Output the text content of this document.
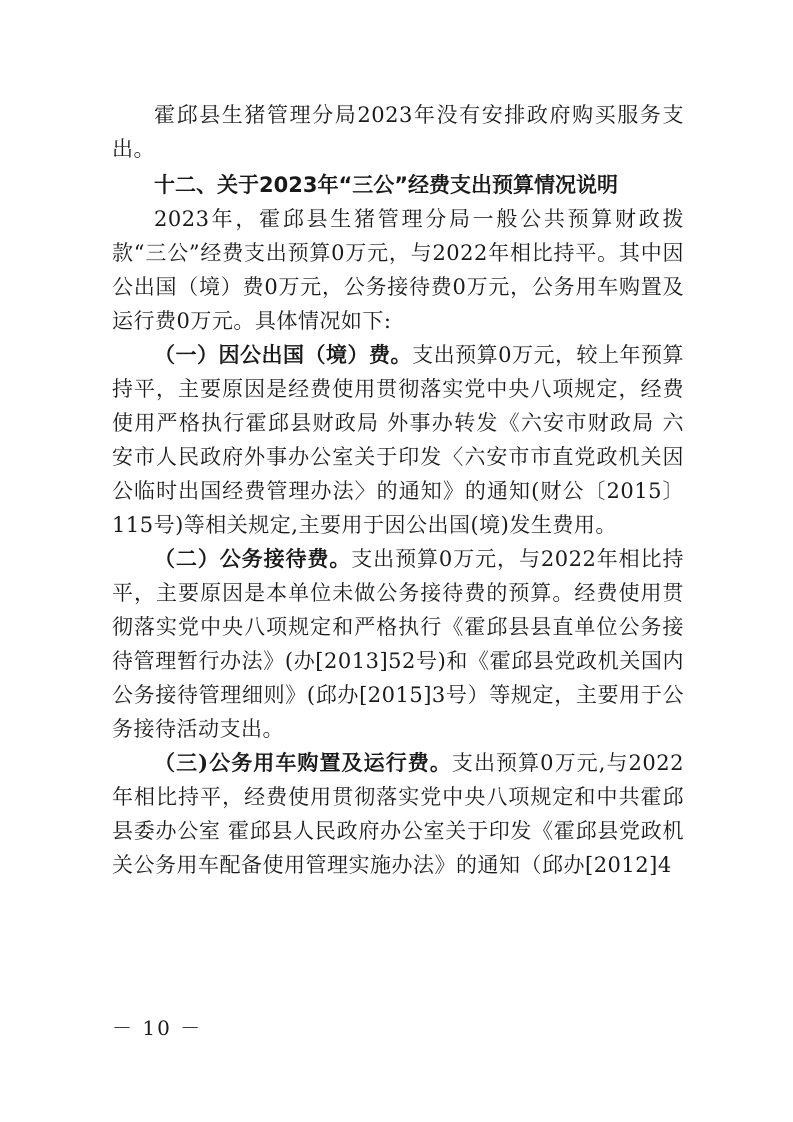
霍邱县生猪管理分局2023年没有安排政府购买服务支出。

十二、关于2023年“三公”经费支出预算情况说明

2023年，霍邱县生猪管理分局一般公共预算财政拨款“三公”经费支出预算0万元，与2022年相比持平。其中因公出国（境）费0万元，公务接待费0万元，公务用车购置及运行费0万元。具体情况如下:

（一）因公出国（境）费。支出预算0万元，较上年预算持平，主要原因是经费使用贯彻落实党中央八项规定，经费使用严格执行霍邱县财政局 外事办转发《六安市财政局 六安市人民政府外事办公室关于印发〈六安市市直党政机关因公临时出国经费管理办法〉的通知》的通知(财公〔2015〕115号)等相关规定,主要用于因公出国(境)发生费用。

（二）公务接待费。支出预算0万元，与2022年相比持平，主要原因是本单位未做公务接待费的预算。经费使用贯彻落实党中央八项规定和严格执行《霍邱县县直单位公务接待管理暂行办法》(办[2013]52号)和《霍邱县党政机关国内公务接待管理细则》(邱办[2015]3号）等规定，主要用于公务接待活动支出。

（三)公务用车购置及运行费。支出预算0万元,与2022年相比持平，经费使用贯彻落实党中央八项规定和中共霍邱县委办公室 霍邱县人民政府办公室关于印发《霍邱县党政机关公务用车配备使用管理实施办法》的通知（邱办[2012]4

－ 10 －
